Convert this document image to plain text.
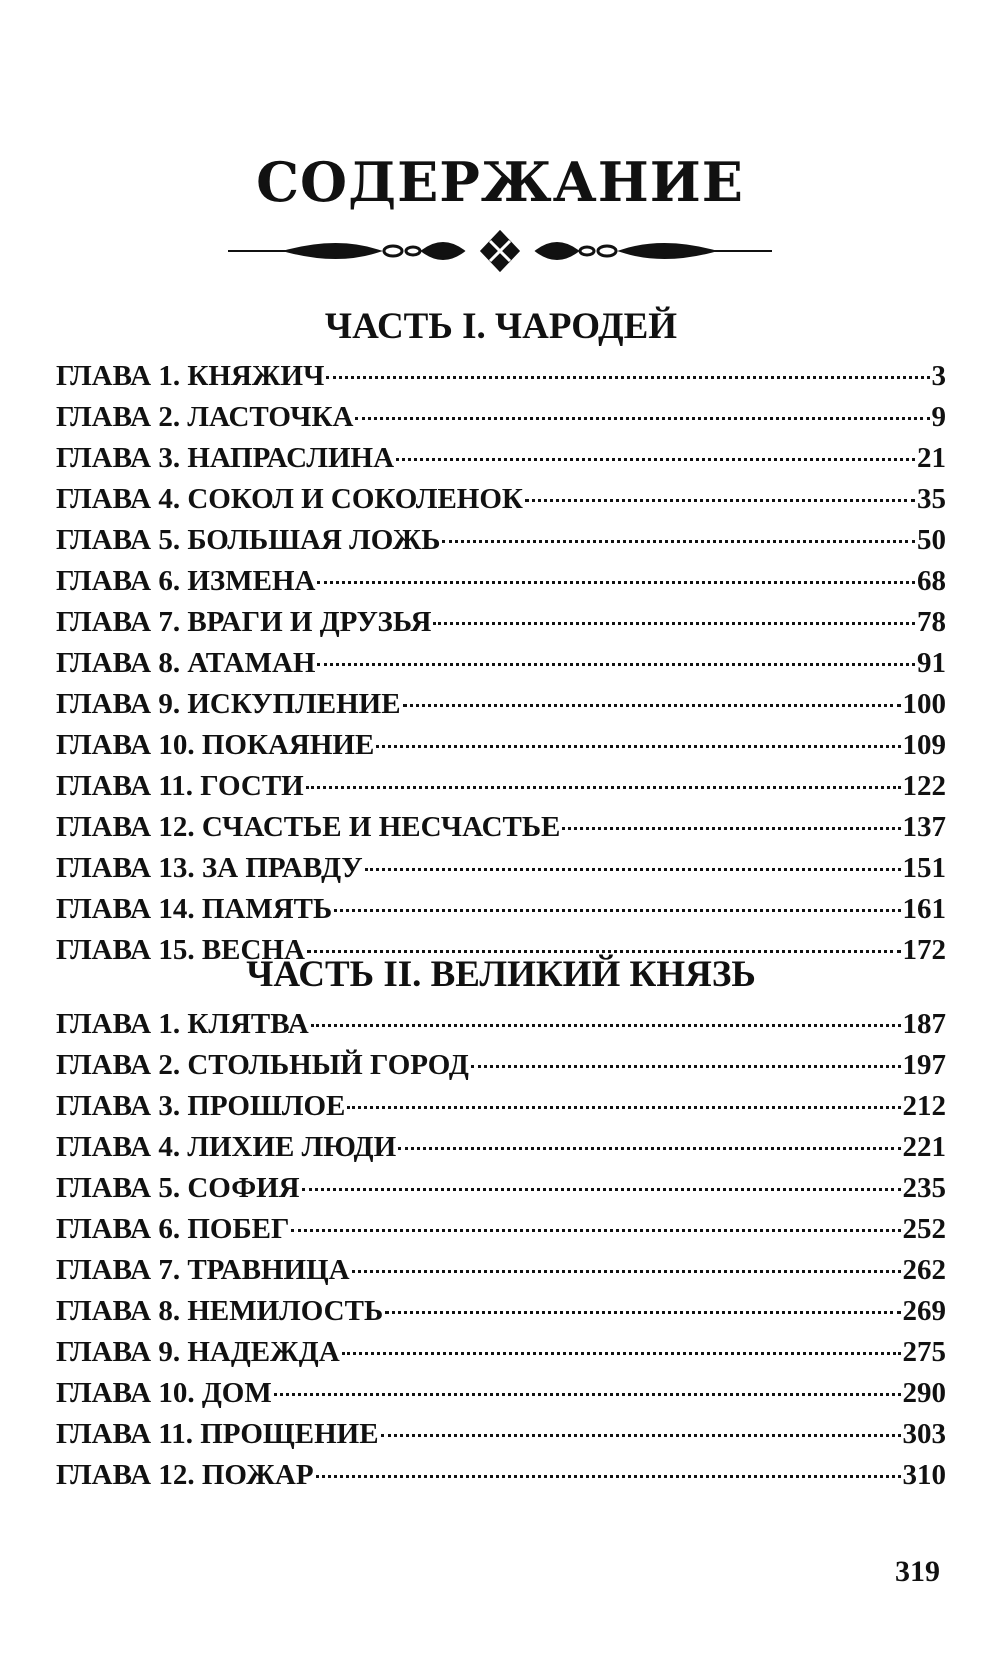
СОДЕРЖАНИЕ
ЧАСТЬ I. ЧАРОДЕЙ
ГЛАВА 1. КНЯЖИЧ	3
ГЛАВА 2. ЛАСТОЧКА	9
ГЛАВА 3. НАПРАСЛИНА	21
ГЛАВА 4. СОКОЛ И СОКОЛЕНОК	35
ГЛАВА 5. БОЛЬШАЯ ЛОЖЬ	50
ГЛАВА 6. ИЗМЕНА	68
ГЛАВА 7. ВРАГИ И ДРУЗЬЯ	78
ГЛАВА 8. АТАМАН	91
ГЛАВА 9. ИСКУПЛЕНИЕ	100
ГЛАВА 10. ПОКАЯНИЕ	109
ГЛАВА 11. ГОСТИ	122
ГЛАВА 12. СЧАСТЬЕ И НЕСЧАСТЬЕ	137
ГЛАВА 13. ЗА ПРАВДУ	151
ГЛАВА 14. ПАМЯТЬ	161
ГЛАВА 15. ВЕСНА	172
ЧАСТЬ II. ВЕЛИКИЙ КНЯЗЬ
ГЛАВА 1. КЛЯТВА	187
ГЛАВА 2. СТОЛЬНЫЙ ГОРОД	197
ГЛАВА 3. ПРОШЛОЕ	212
ГЛАВА 4. ЛИХИЕ ЛЮДИ	221
ГЛАВА 5. СОФИЯ	235
ГЛАВА 6. ПОБЕГ	252
ГЛАВА 7. ТРАВНИЦА	262
ГЛАВА 8. НЕМИЛОСТЬ	269
ГЛАВА 9. НАДЕЖДА	275
ГЛАВА 10. ДОМ	290
ГЛАВА 11. ПРОЩЕНИЕ	303
ГЛАВА 12. ПОЖАР	310
319
